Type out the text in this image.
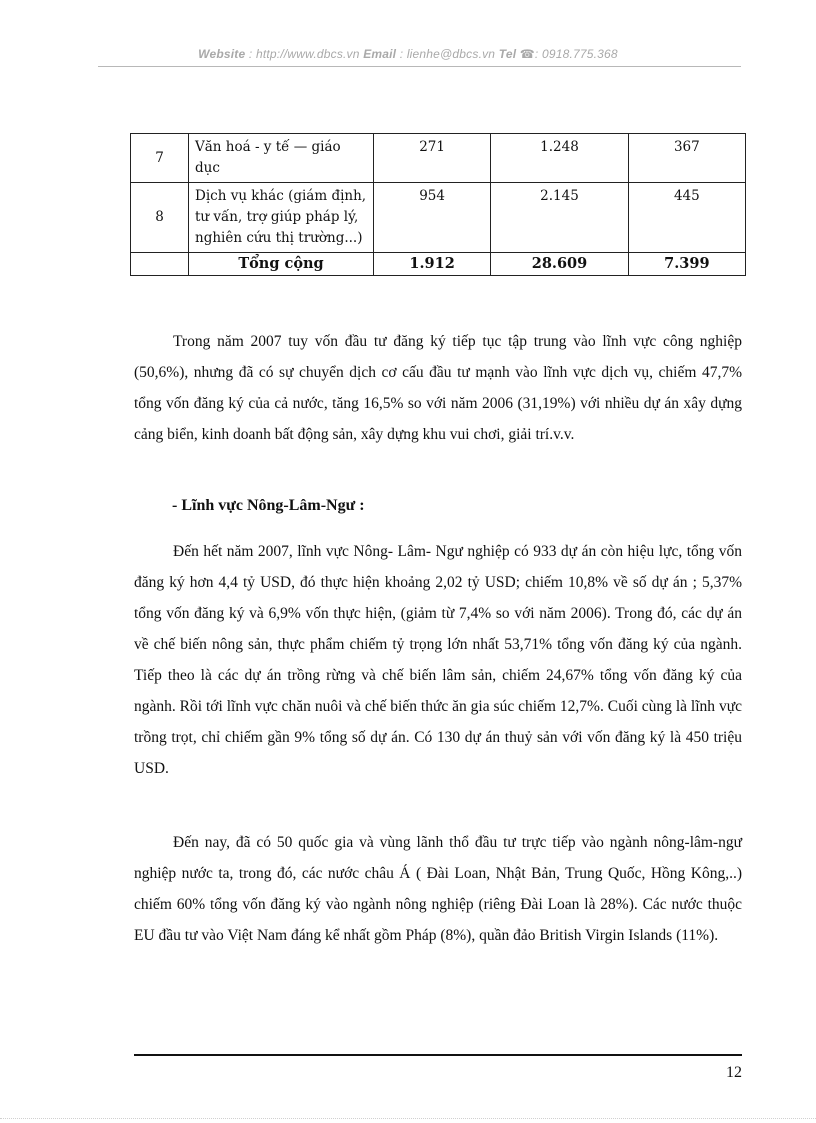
Website : http://www.dbcs.vn Email : lienhe@dbcs.vn Tel ☎: 0918.775.368
7	Văn hoá - y tế — giáo dục	271	1.248	367
8	Dịch vụ khác (giám định, tư vấn, trợ giúp pháp lý, nghiên cứu thị trường...)	954	2.145	445
	Tổng cộng	1.912	28.609	7.399

Trong năm 2007 tuy vốn đầu tư đăng ký tiếp tục tập trung vào lĩnh vực công nghiệp (50,6%), nhưng đã có sự chuyển dịch cơ cấu đầu tư mạnh vào lĩnh vực dịch vụ, chiếm 47,7% tổng vốn đăng ký của cả nước, tăng 16,5% so với năm 2006 (31,19%) với nhiều dự án xây dựng cảng biển, kinh doanh bất động sản, xây dựng khu vui chơi, giải trí.v.v.

- Lĩnh vực Nông-Lâm-Ngư :

Đến hết năm 2007, lĩnh vực Nông- Lâm- Ngư nghiệp có 933 dự án còn hiệu lực, tổng vốn đăng ký hơn 4,4 tỷ USD, đó thực hiện khoảng 2,02 tỷ USD; chiếm 10,8% về số dự án ; 5,37% tổng vốn đăng ký và 6,9% vốn thực hiện, (giảm từ 7,4% so với năm 2006). Trong đó, các dự án về chế biến nông sản, thực phẩm chiếm tỷ trọng lớn nhất 53,71% tổng vốn đăng ký của ngành. Tiếp theo là các dự án trồng rừng và chế biến lâm sản, chiếm 24,67% tổng vốn đăng ký của ngành. Rồi tới lĩnh vực chăn nuôi và chế biến thức ăn gia súc chiếm 12,7%. Cuối cùng là lĩnh vực trồng trọt, chỉ chiếm gần 9% tổng số dự án. Có 130 dự án thuỷ sản với vốn đăng ký là 450 triệu USD.

Đến nay, đã có 50 quốc gia và vùng lãnh thổ đầu tư trực tiếp vào ngành nông-lâm-ngư nghiệp nước ta, trong đó, các nước châu Á ( Đài Loan, Nhật Bản, Trung Quốc, Hồng Kông,..) chiếm 60% tổng vốn đăng ký vào ngành nông nghiệp (riêng Đài Loan là 28%). Các nước thuộc EU đầu tư vào Việt Nam đáng kể nhất gồm Pháp (8%), quần đảo British Virgin Islands (11%).

12
